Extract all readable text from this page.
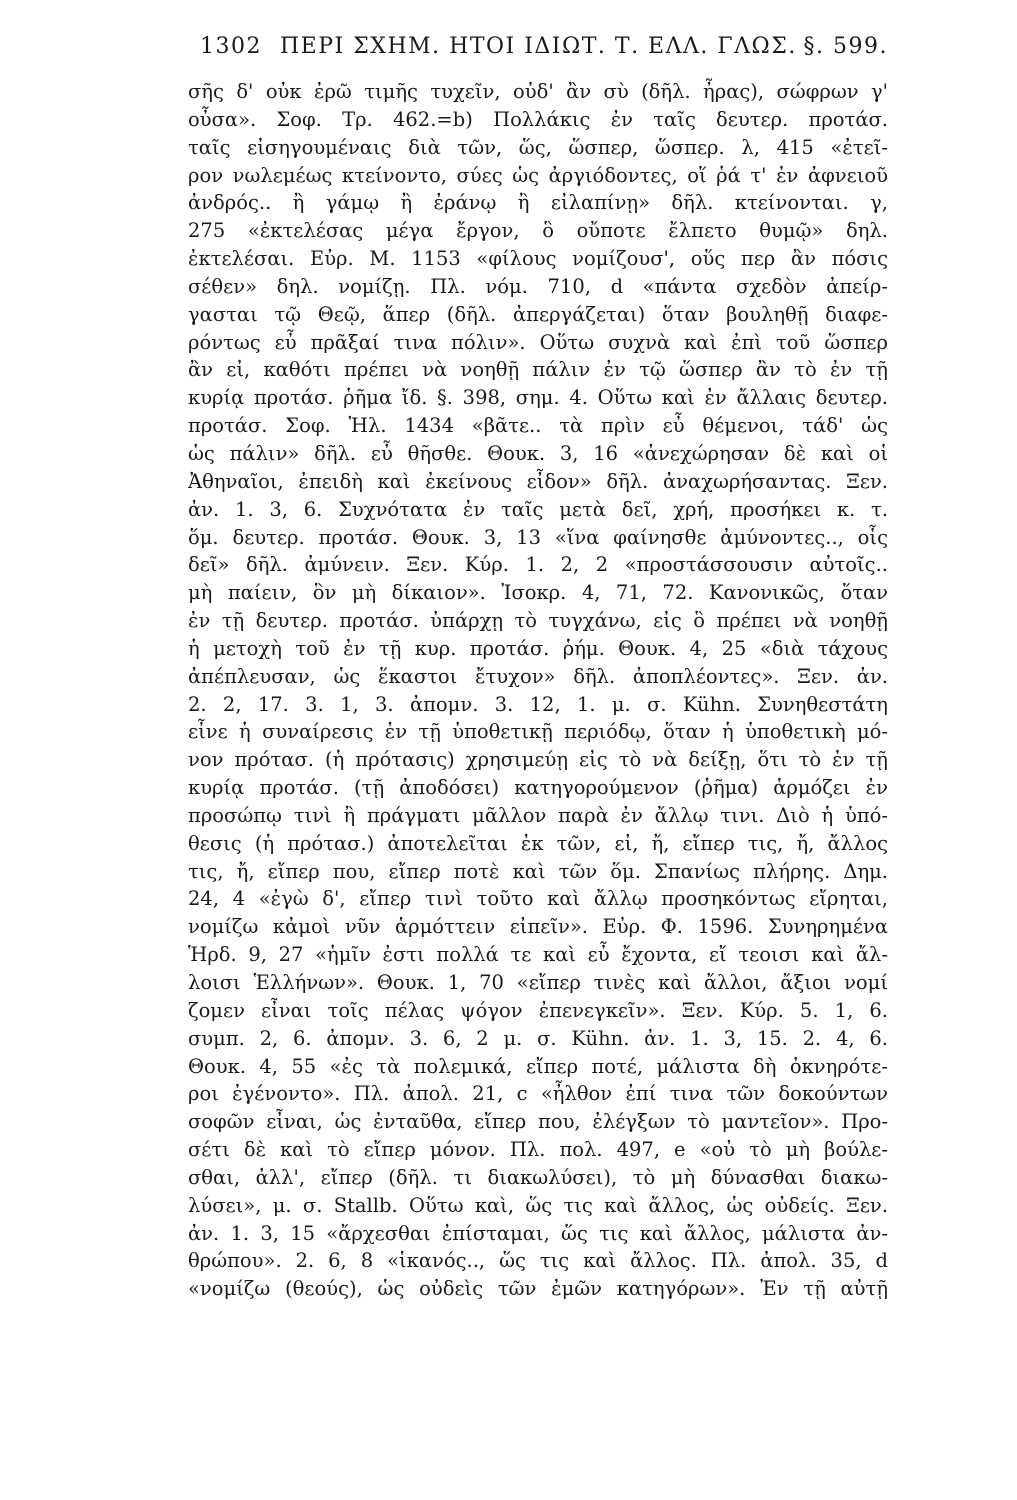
1302 ΠΕΡΙ ΣΧΗΜ. ΗΤΟΙ ΙΔΙΩΤ. Τ. ΕΛΛ. ΓΛΩΣ. §. 599.
σῆς δ' οὐκ ἐρῶ τιμῆς τυχεῖν, οὐδ' ἂν σὺ (δῆλ. ἦρας), σώφρων γ'
οὖσα». Σοφ. Τρ. 462.=b) Πολλάκις ἐν ταῖς δευτερ. προτάσ.
ταῖς εἰσηγουμέναις διὰ τῶν, ὥς, ὥσπερ, ὥσπερ. λ, 415 «ἐτεῖ-
ρον νωλεμέως κτείνοντο, σύες ὡς ἀργιόδοντες, οἵ ῥά τ' ἐν ἀφνειοῦ
ἀνδρός.. ἢ γάμῳ ἢ ἐράνῳ ἢ εἰλαπίνῃ» δῆλ. κτείνονται. γ,
275 «ἐκτελέσας μέγα ἔργον, ὃ οὔποτε ἔλπετο θυμῷ» δηλ.
ἐκτελέσαι. Εὐρ. Μ. 1153 «φίλους νομίζουσ', οὕς περ ἂν πόσις
σέθεν» δηλ. νομίζῃ. Πλ. νόμ. 710, d «πάντα σχεδὸν ἀπείρ-
γασται τῷ Θεῷ, ἅπερ (δῆλ. ἀπεργάζεται) ὅταν βουληθῇ διαφε-
ρόντως εὖ πρᾶξαί τινα πόλιν». Οὕτω συχνὰ καὶ ἐπὶ τοῦ ὥσπερ
ἂν εἰ, καθότι πρέπει νὰ νοηθῇ πάλιν ἐν τῷ ὥσπερ ἂν τὸ ἐν τῇ
κυρίᾳ προτάσ. ῥῆμα ἴδ. §. 398, σημ. 4. Οὕτω καὶ ἐν ἄλλαις δευτερ.
προτάσ. Σοφ. Ἠλ. 1434 «βᾶτε.. τὰ πρὶν εὖ θέμενοι, τάδ' ὡς
ὡς πάλιν» δῆλ. εὖ θῆσθε. Θουκ. 3, 16 «ἀνεχώρησαν δὲ καὶ οἱ
Ἀθηναῖοι, ἐπειδὴ καὶ ἐκείνους εἶδον» δῆλ. ἀναχωρήσαντας. Ξεν.
ἀν. 1. 3, 6. Συχνότατα ἐν ταῖς μετὰ δεῖ, χρή, προσήκει κ. τ.
ὅμ. δευτερ. προτάσ. Θουκ. 3, 13 «ἵνα φαίνησθε ἀμύνοντες.., οἷς
δεῖ» δῆλ. ἀμύνειν. Ξεν. Κύρ. 1. 2, 2 «προστάσσουσιν αὐτοῖς..
μὴ παίειν, ὃν μὴ δίκαιον». Ἰσοκρ. 4, 71, 72. Κανονικῶς, ὅταν
ἐν τῇ δευτερ. προτάσ. ὑπάρχῃ τὸ τυγχάνω, εἰς ὃ πρέπει νὰ νοηθῇ
ἡ μετοχὴ τοῦ ἐν τῇ κυρ. προτάσ. ῥήμ. Θουκ. 4, 25 «διὰ τάχους
ἀπέπλευσαν, ὡς ἕκαστοι ἔτυχον» δῆλ. ἀποπλέοντες». Ξεν. ἀν.
2. 2, 17. 3. 1, 3. ἀπομν. 3. 12, 1. μ. σ. Kühn. Συνηθεστάτη
εἶνε ἡ συναίρεσις ἐν τῇ ὑποθετικῇ περιόδῳ, ὅταν ἡ ὑποθετικὴ μό-
νον πρότασ. (ἡ πρότασις) χρησιμεύῃ εἰς τὸ νὰ δείξῃ, ὅτι τὸ ἐν τῇ
κυρίᾳ προτάσ. (τῇ ἀποδόσει) κατηγορούμενον (ῥῆμα) ἁρμόζει ἐν
προσώπῳ τινὶ ἢ πράγματι μᾶλλον παρὰ ἐν ἄλλῳ τινι. Διὸ ἡ ὑπό-
θεσις (ἡ πρότασ.) ἀποτελεῖται ἐκ τῶν, εἰ, ἤ, εἴπερ τις, ἤ, ἄλλος
τις, ἤ, εἴπερ που, εἴπερ ποτὲ καὶ τῶν ὅμ. Σπανίως πλήρης. Δημ.
24, 4 «ἐγὼ δ', εἴπερ τινὶ τοῦτο καὶ ἄλλῳ προσηκόντως εἴρηται,
νομίζω κἀμοὶ νῦν ἁρμόττειν εἰπεῖν». Εὐρ. Φ. 1596. Συνηρημένα
Ἡρδ. 9, 27 «ἡμῖν ἐστι πολλά τε καὶ εὖ ἔχοντα, εἴ τεοισι καὶ ἄλ-
λοισι Ἑλλήνων». Θουκ. 1, 70 «εἴπερ τινὲς καὶ ἄλλοι, ἄξιοι νομί
ζομεν εἶναι τοῖς πέλας ψόγον ἐπενεγκεῖν». Ξεν. Κύρ. 5. 1, 6.
συμπ. 2, 6. ἀπομν. 3. 6, 2 μ. σ. Kühn. ἀν. 1. 3, 15. 2. 4, 6.
Θουκ. 4, 55 «ἐς τὰ πολεμικά, εἴπερ ποτέ, μάλιστα δὴ ὀκνηρότε-
ροι ἐγένοντο». Πλ. ἀπολ. 21, c «ἦλθον ἐπί τινα τῶν δοκούντων
σοφῶν εἶναι, ὡς ἐνταῦθα, εἴπερ που, ἐλέγξων τὸ μαντεῖον». Προ-
σέτι δὲ καὶ τὸ εἴπερ μόνον. Πλ. πολ. 497, e «οὐ τὸ μὴ βούλε-
σθαι, ἀλλ', εἴπερ (δῆλ. τι διακωλύσει), τὸ μὴ δύνασθαι διακω-
λύσει», μ. σ. Stallb. Οὕτω καὶ, ὥς τις καὶ ἄλλος, ὡς οὐδείς. Ξεν.
ἀν. 1. 3, 15 «ἄρχεσθαι ἐπίσταμαι, ὥς τις καὶ ἄλλος, μάλιστα ἀν-
θρώπου». 2. 6, 8 «ἱκανός.., ὥς τις καὶ ἄλλος. Πλ. ἀπολ. 35, d
«νομίζω (θεούς), ὡς οὐδεὶς τῶν ἐμῶν κατηγόρων». Ἐν τῇ αὐτῇ
